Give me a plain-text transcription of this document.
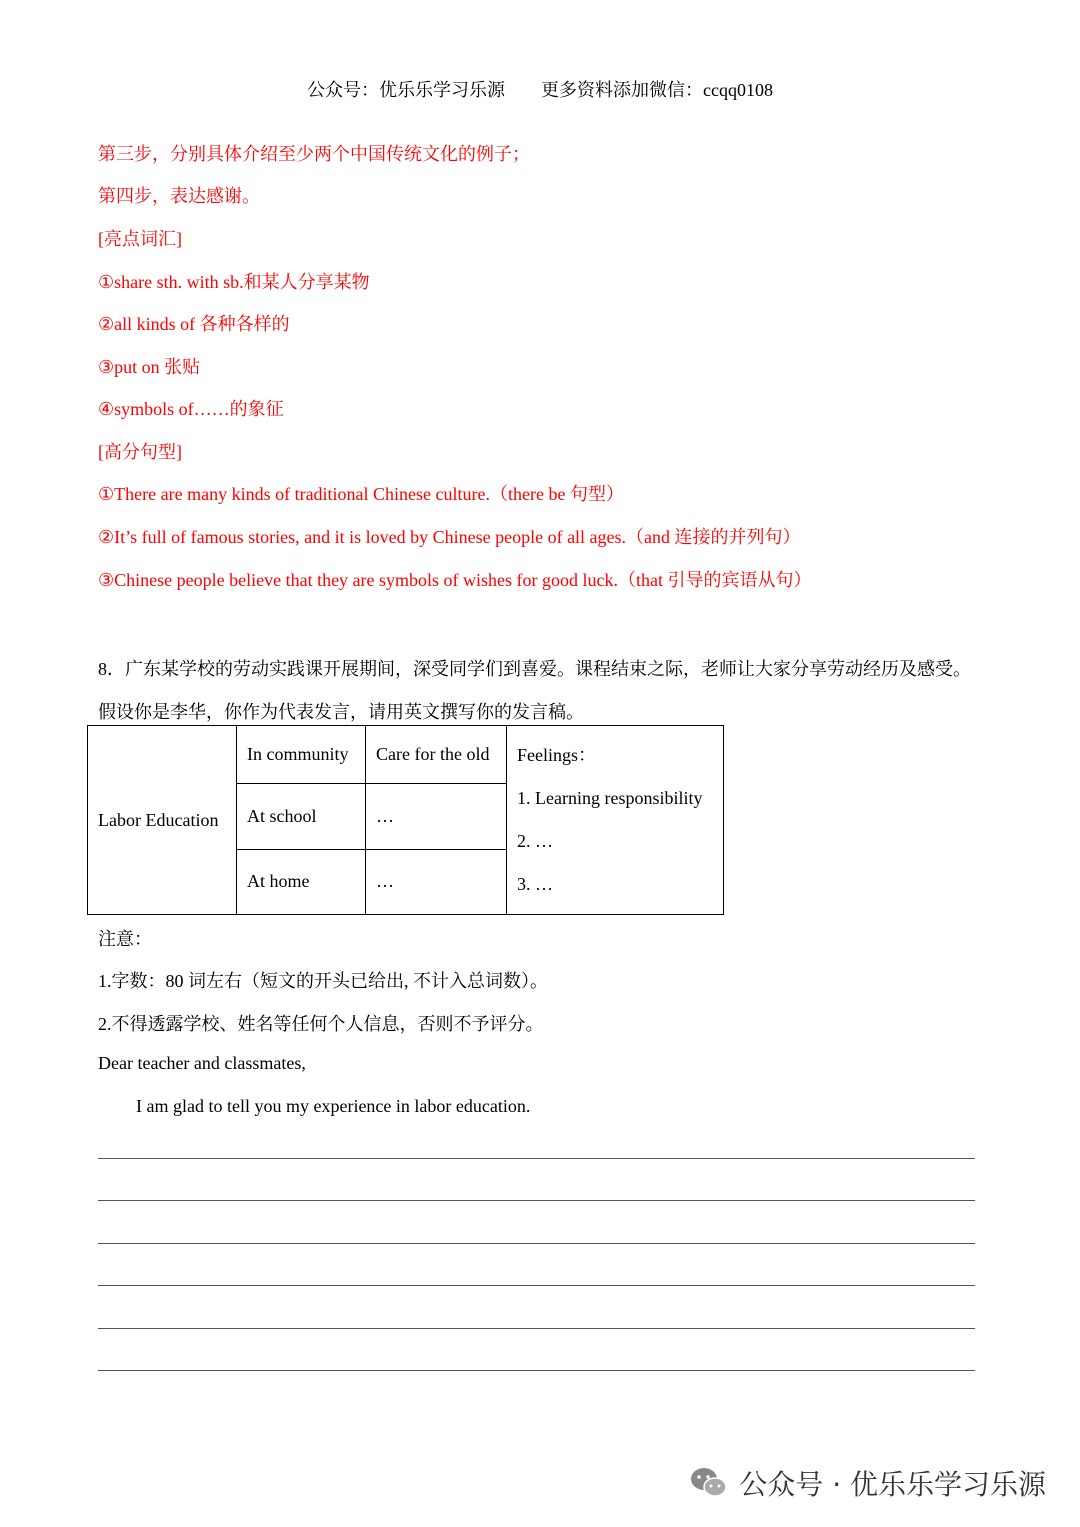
公众号：优乐乐学习乐源　　更多资料添加微信：ccqq0108
第三步，分别具体介绍至少两个中国传统文化的例子；
第四步，表达感谢。
[亮点词汇]
①share sth. with sb.和某人分享某物
②all kinds of 各种各样的
③put on 张贴
④symbols of……的象征
[高分句型]
①There are many kinds of traditional Chinese culture.（there be 句型）
②It’s full of famous stories, and it is loved by Chinese people of all ages.（and 连接的并列句）
③Chinese people believe that they are symbols of wishes for good luck.（that 引导的宾语从句）
8．广东某学校的劳动实践课开展期间，深受同学们到喜爱。课程结束之际，老师让大家分享劳动经历及感受。假设你是李华，你作为代表发言，请用英文撰写你的发言稿。
Labor Education	In community	Care for the old	Feelings：
1. Learning responsibility
2. …
3. …

	At school	…	
	At home	…	
注意：
1.字数：80 词左右（短文的开头已给出, 不计入总词数）。
2.不得透露学校、姓名等任何个人信息，否则不予评分。
Dear teacher and classmates,
I am glad to tell you my experience in labor education.
公众号 · 优乐乐学习乐源
